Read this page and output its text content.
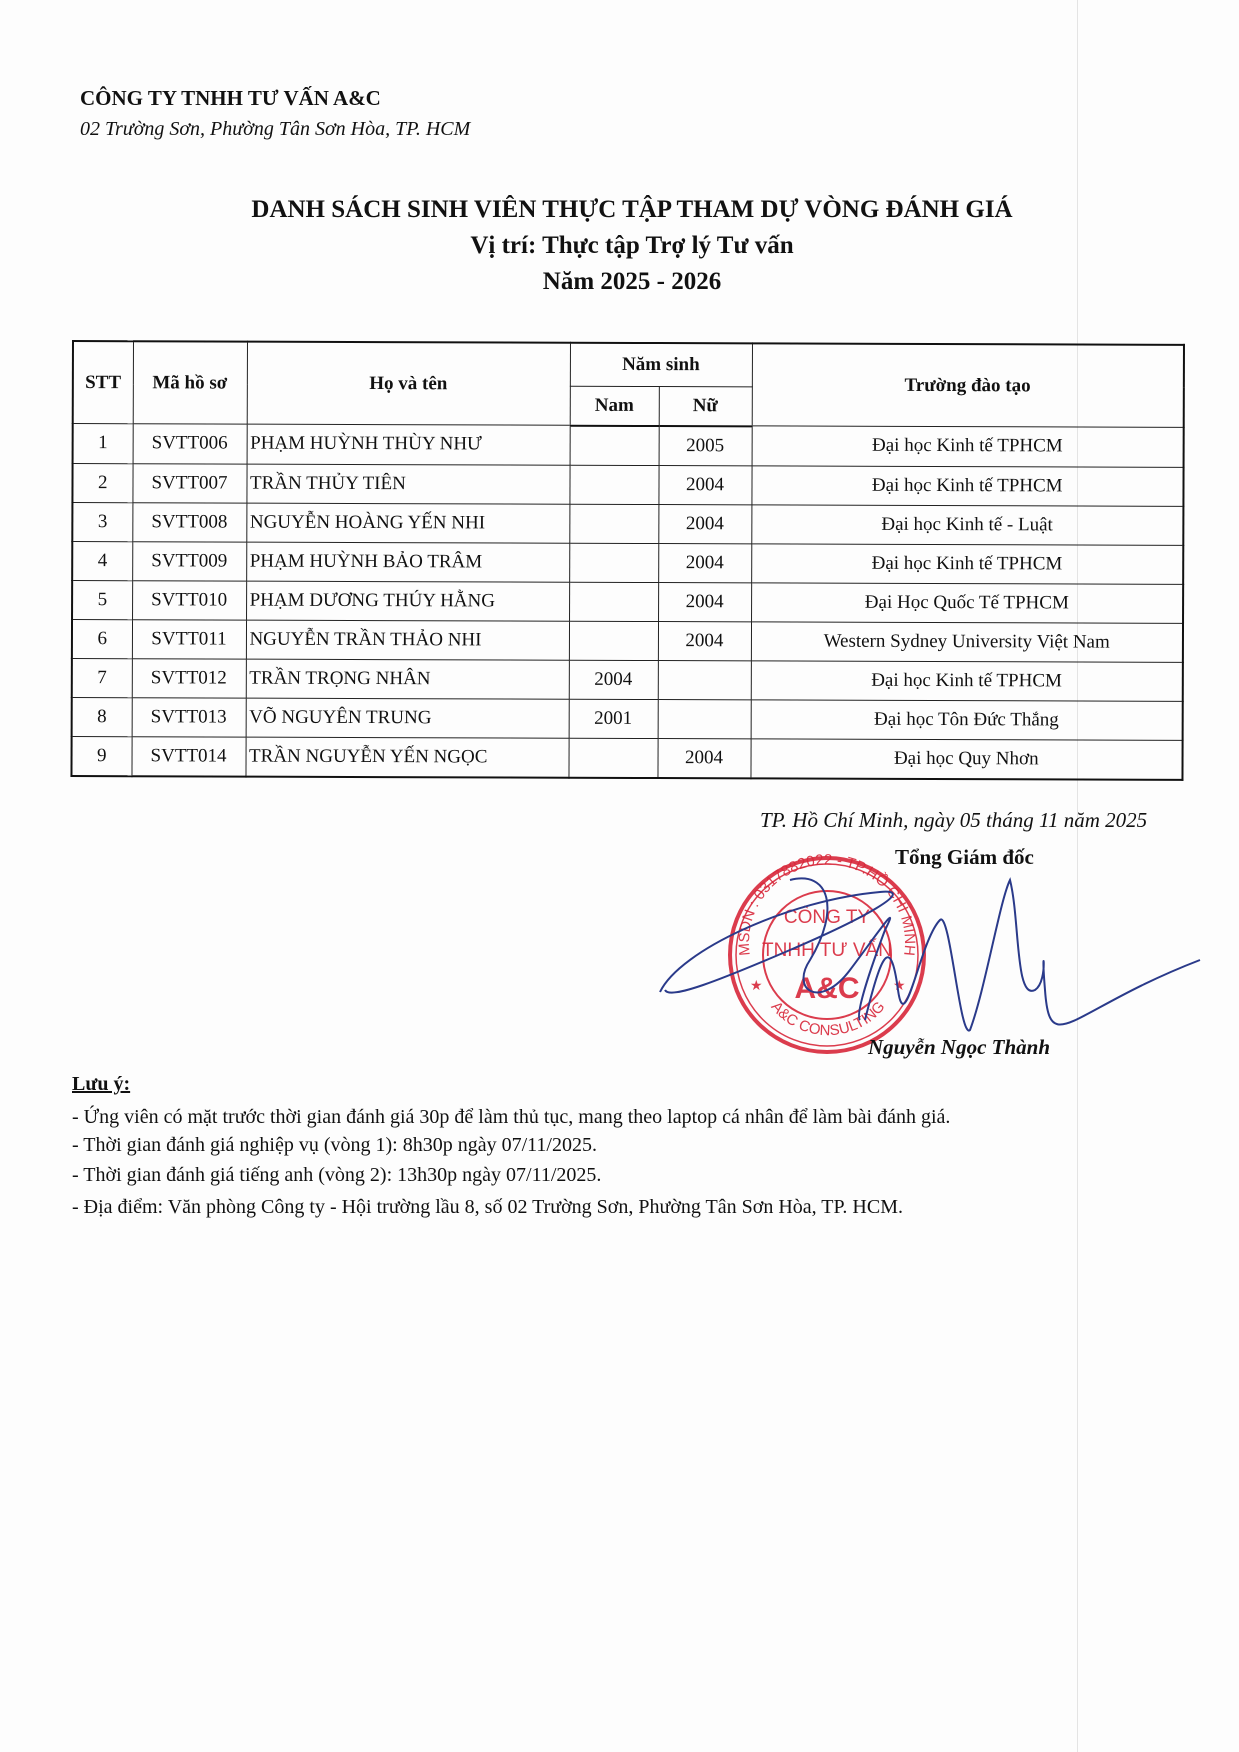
CÔNG TY TNHH TƯ VẤN A&C
02 Trường Sơn, Phường Tân Sơn Hòa, TP. HCM
DANH SÁCH SINH VIÊN THỰC TẬP THAM DỰ VÒNG ĐÁNH GIÁ
Vị trí: Thực tập Trợ lý Tư vấn
Năm 2025 - 2026
STT	Mã hồ sơ	Họ và tên	Năm sinh		Trường đào tạo
			Nam	Nữ	
1	SVTT006	PHẠM HUỲNH THÙY NHƯ		2005	Đại học Kinh tế TPHCM
2	SVTT007	TRẦN THỦY TIÊN		2004	Đại học Kinh tế TPHCM
3	SVTT008	NGUYỄN HOÀNG YẾN NHI		2004	Đại học Kinh tế - Luật
4	SVTT009	PHẠM HUỲNH BẢO TRÂM		2004	Đại học Kinh tế TPHCM
5	SVTT010	PHẠM DƯƠNG THÚY HẰNG		2004	Đại Học Quốc Tế TPHCM
6	SVTT011	NGUYỄN TRẦN THẢO NHI		2004	Western Sydney University Việt Nam
7	SVTT012	TRẦN TRỌNG NHÂN	2004		Đại học Kinh tế TPHCM
8	SVTT013	VÕ NGUYÊN TRUNG	2001		Đại học Tôn Đức Thắng
9	SVTT014	TRẦN NGUYỄN YẾN NGỌC		2004	Đại học Quy Nhơn
TP. Hồ Chí Minh, ngày 05 tháng 11 năm 2025
Tổng Giám đốc
MSDN : 0317882022 - TP.HỒ CHÍ MINH
A&C CONSULTING
CÔNG TY
TNHH TƯ VẤN
A&C
★	★
Nguyễn Ngọc Thành
Lưu ý:
- Ứng viên có mặt trước thời gian đánh giá 30p để làm thủ tục, mang theo laptop cá nhân để làm bài đánh giá.
- Thời gian đánh giá nghiệp vụ (vòng 1): 8h30p ngày 07/11/2025.
- Thời gian đánh giá tiếng anh (vòng 2): 13h30p ngày 07/11/2025.
- Địa điểm: Văn phòng Công ty - Hội trường lầu 8, số 02 Trường Sơn, Phường Tân Sơn Hòa, TP. HCM.
